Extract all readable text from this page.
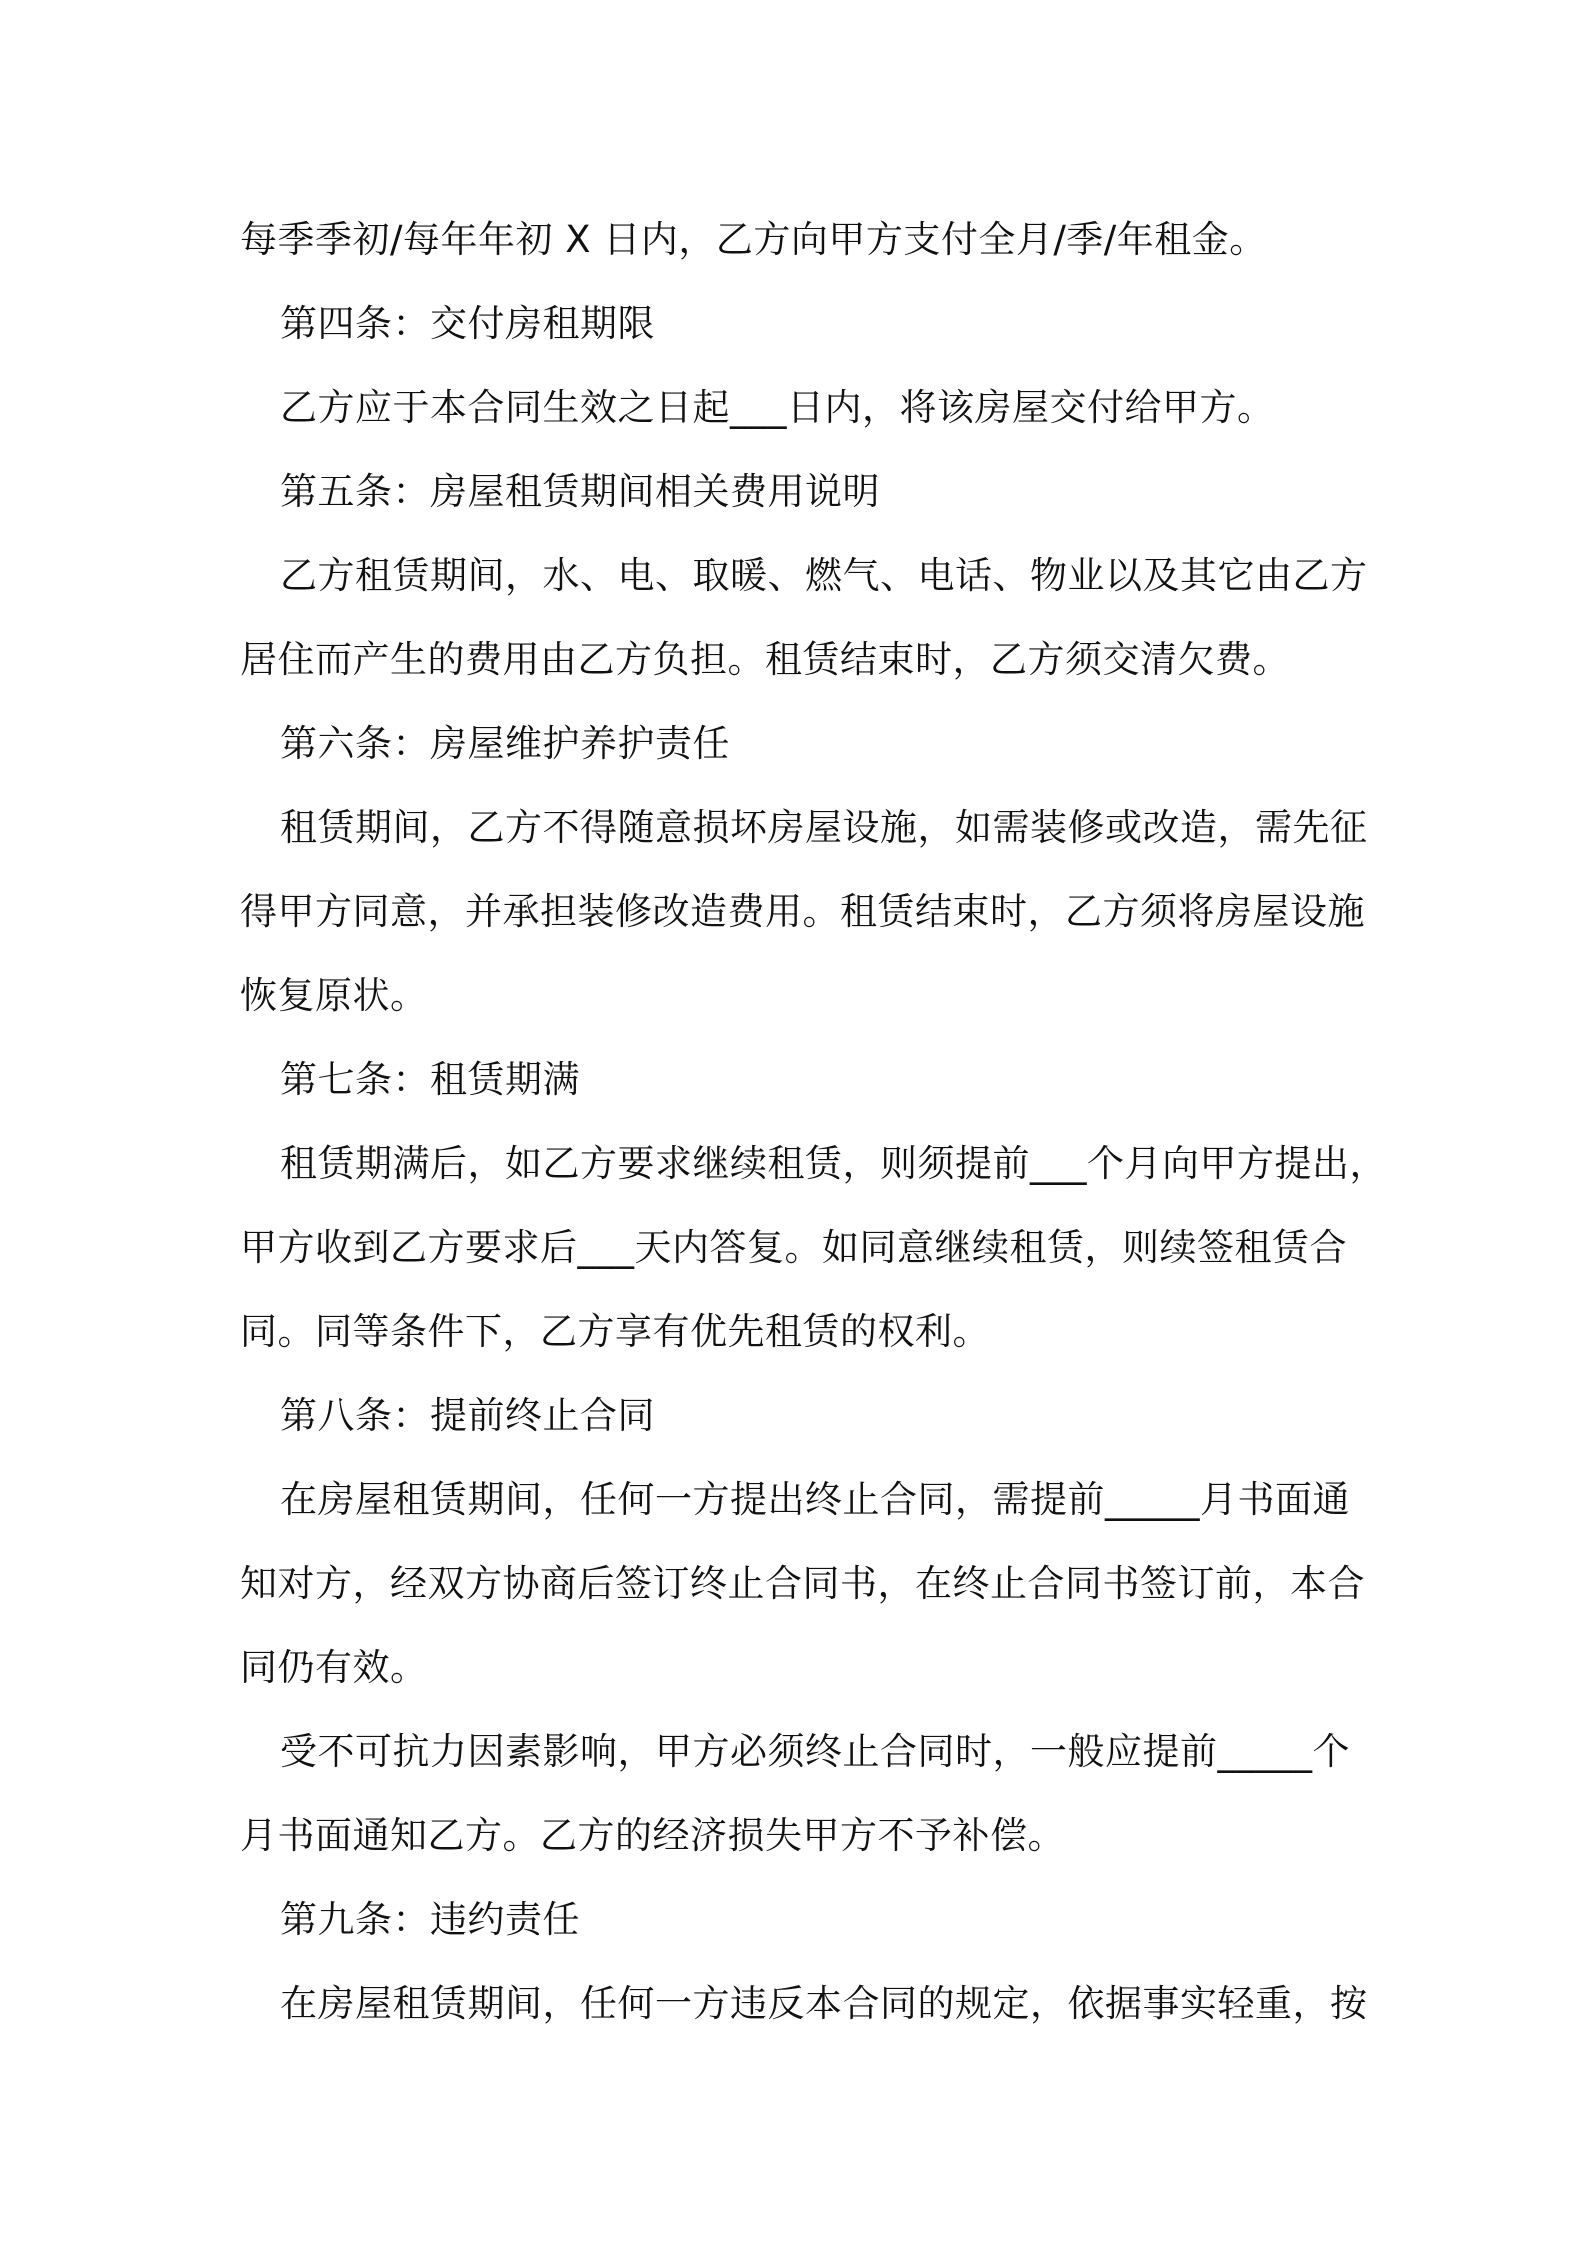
每季季初/每年年初 X 日内，乙方向甲方支付全月/季/年租金。
第四条：交付房租期限
乙方应于本合同生效之日起___日内，将该房屋交付给甲方。
第五条：房屋租赁期间相关费用说明
乙方租赁期间，水、电、取暖、燃气、电话、物业以及其它由乙方
居住而产生的费用由乙方负担。租赁结束时，乙方须交清欠费。
第六条：房屋维护养护责任
租赁期间，乙方不得随意损坏房屋设施，如需装修或改造，需先征
得甲方同意，并承担装修改造费用。租赁结束时，乙方须将房屋设施
恢复原状。
第七条：租赁期满
租赁期满后，如乙方要求继续租赁，则须提前___个月向甲方提出，
甲方收到乙方要求后___天内答复。如同意继续租赁，则续签租赁合
同。同等条件下，乙方享有优先租赁的权利。
第八条：提前终止合同
在房屋租赁期间，任何一方提出终止合同，需提前_____月书面通
知对方，经双方协商后签订终止合同书，在终止合同书签订前，本合
同仍有效。
受不可抗力因素影响，甲方必须终止合同时，一般应提前_____个
月书面通知乙方。乙方的经济损失甲方不予补偿。
第九条：违约责任
在房屋租赁期间，任何一方违反本合同的规定，依据事实轻重，按
